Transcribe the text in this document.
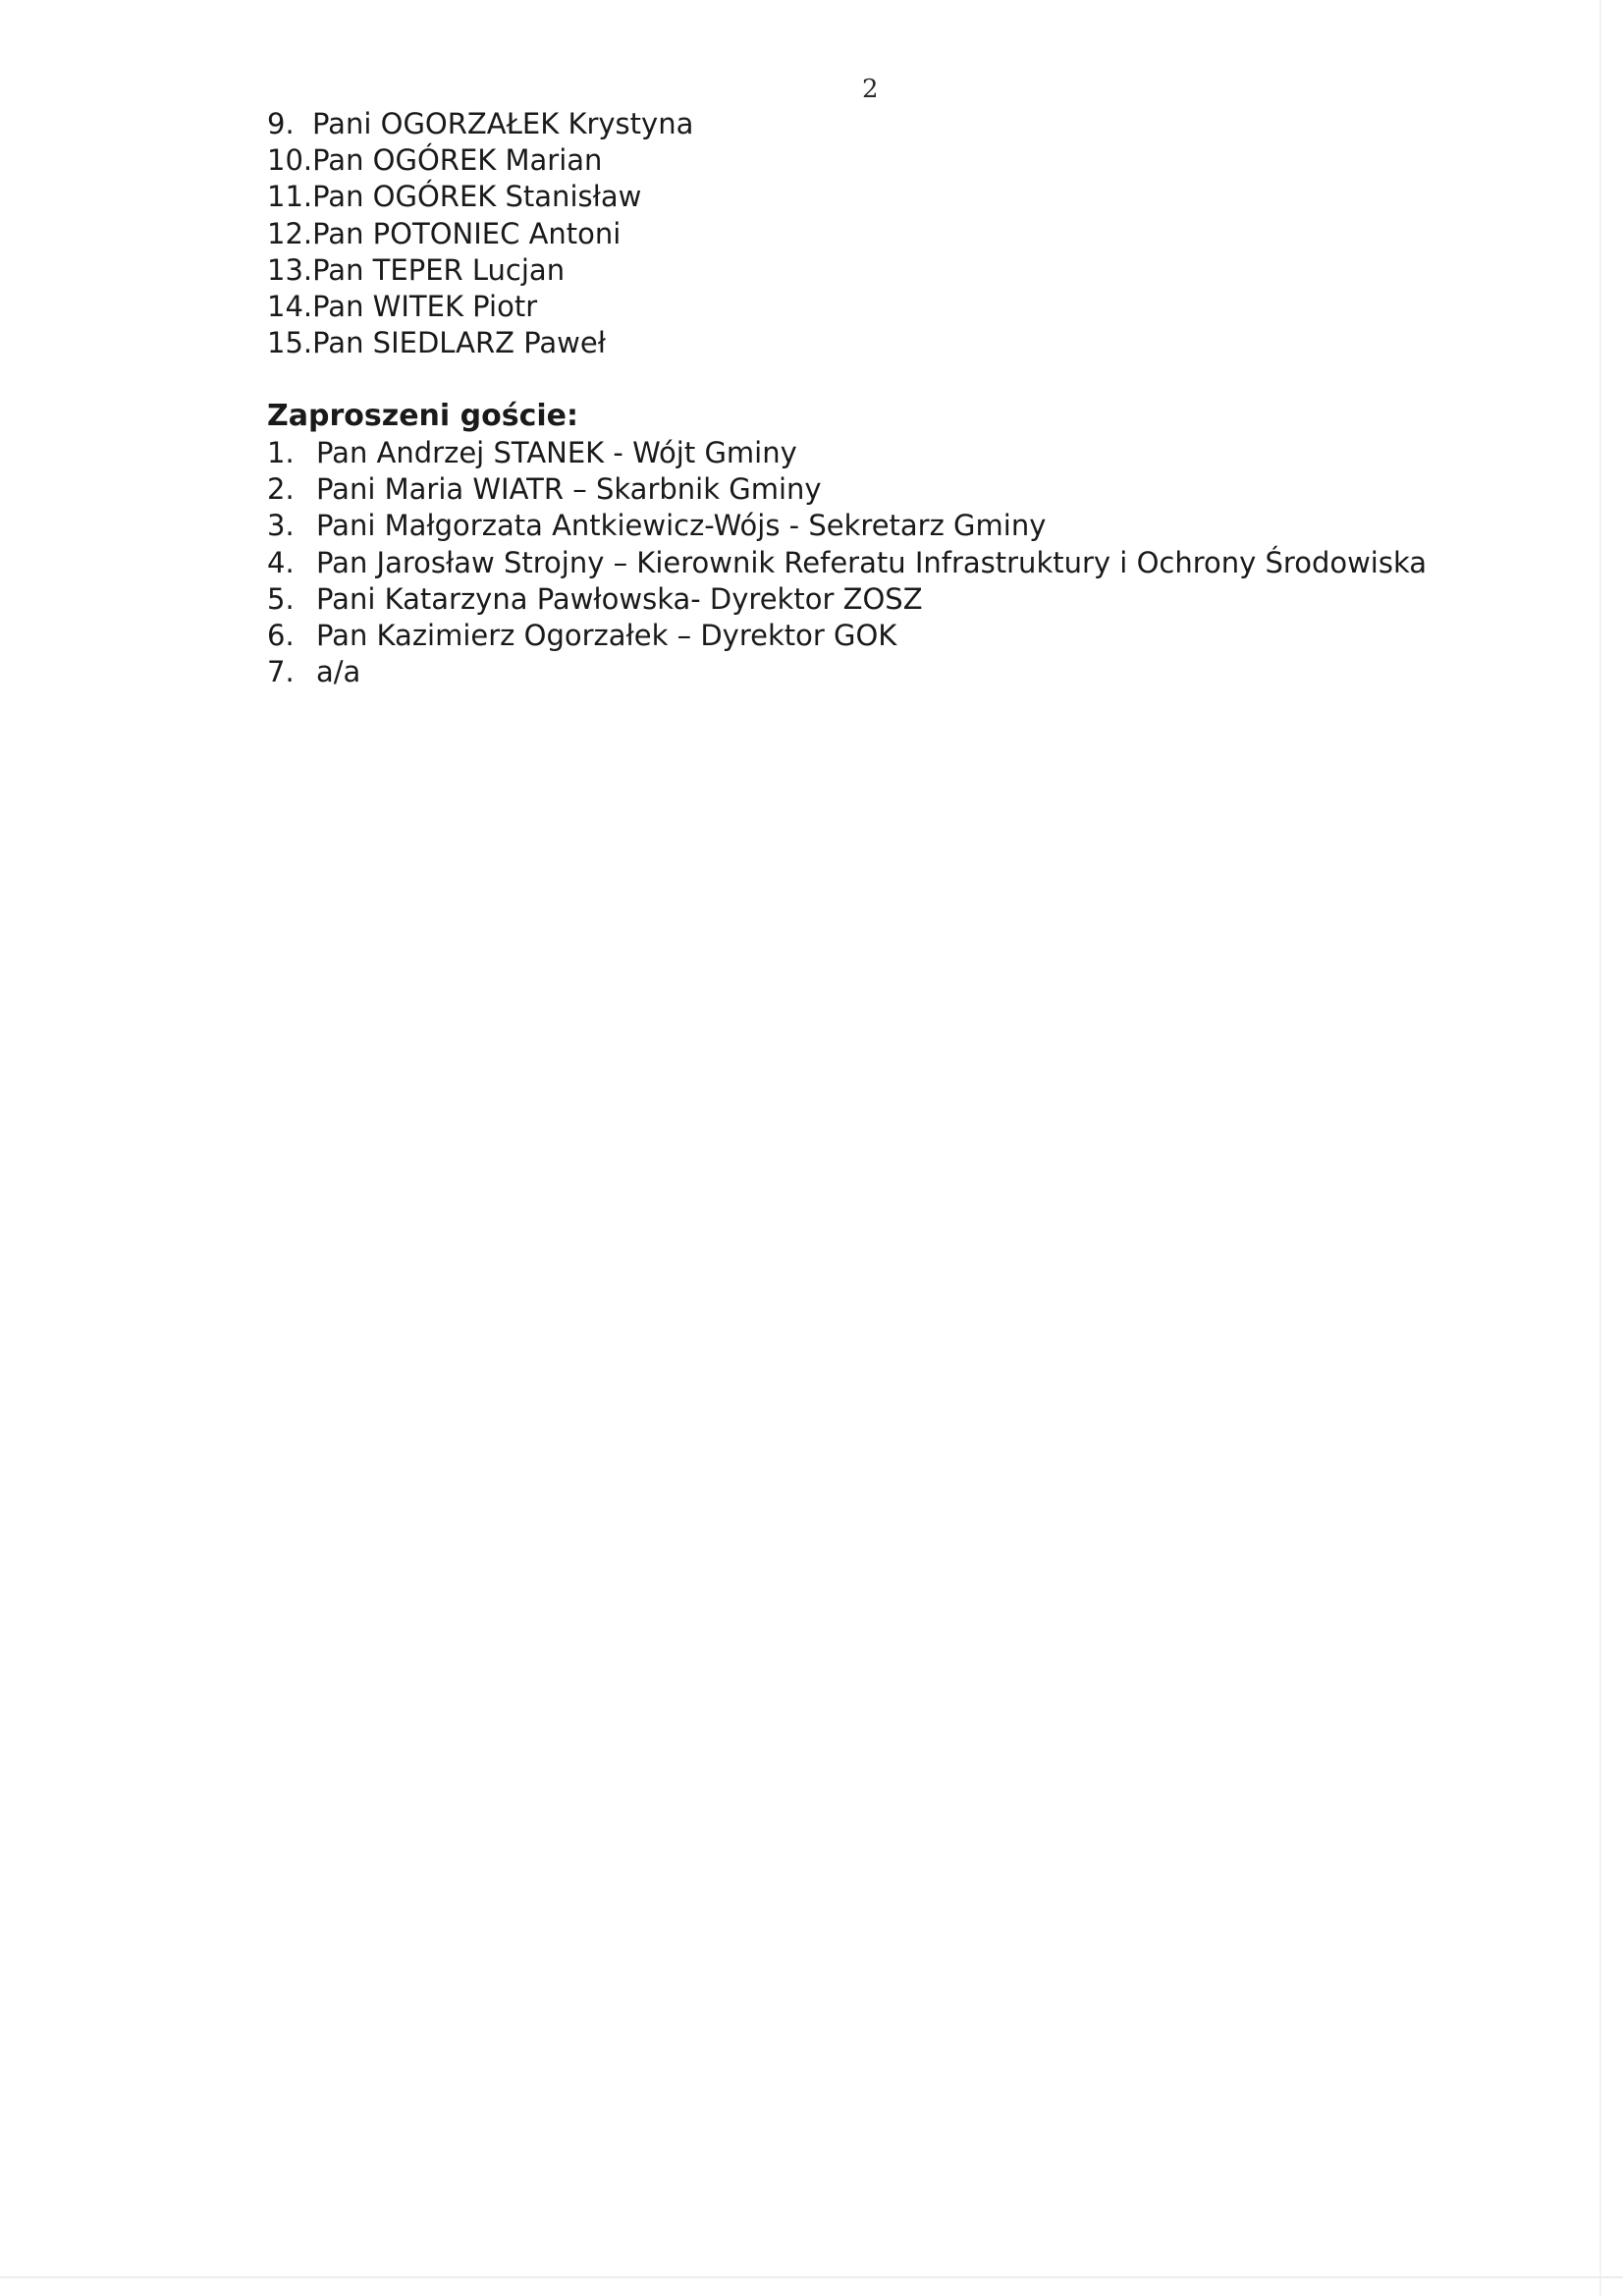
2
9. Pani OGORZAŁEK Krystyna
10. Pan OGÓREK Marian
11. Pan OGÓREK Stanisław
12. Pan POTONIEC Antoni
13. Pan TEPER Lucjan
14. Pan WITEK Piotr
15. Pan SIEDLARZ Paweł
Zaproszeni goście:
1. Pan Andrzej STANEK - Wójt Gminy
2. Pani Maria WIATR – Skarbnik Gminy
3. Pani Małgorzata Antkiewicz-Wójs - Sekretarz Gminy
4. Pan Jarosław Strojny – Kierownik Referatu Infrastruktury i Ochrony Środowiska
5. Pani Katarzyna Pawłowska- Dyrektor ZOSZ
6. Pan Kazimierz Ogorzałek – Dyrektor GOK
7. a/a
